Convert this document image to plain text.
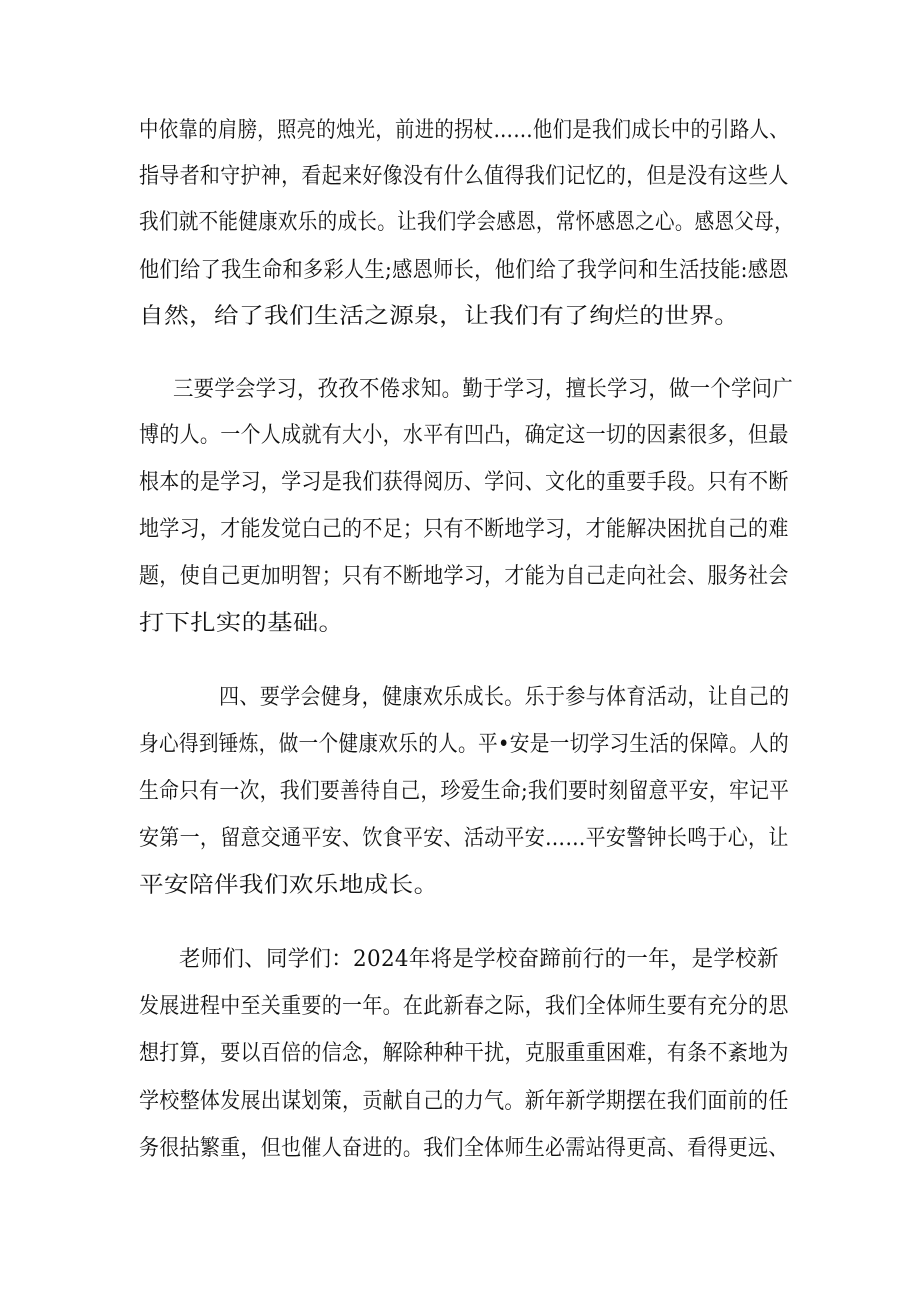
中依靠的肩膀，照亮的烛光，前进的拐杖……他们是我们成长中的引路人、
指导者和守护神，看起来好像没有什么值得我们记忆的，但是没有这些人
我们就不能健康欢乐的成长。让我们学会感恩，常怀感恩之心。感恩父母，
他们给了我生命和多彩人生;感恩师长，他们给了我学问和生活技能:感恩
自然，给了我们生活之源泉，让我们有了绚烂的世界。
三要学会学习，孜孜不倦求知。勤于学习，擅长学习，做一个学问广
博的人。一个人成就有大小，水平有凹凸，确定这一切的因素很多，但最
根本的是学习，学习是我们获得阅历、学问、文化的重要手段。只有不断
地学习，才能发觉白己的不足；只有不断地学习，才能解决困扰自己的难
题，使自己更加明智；只有不断地学习，才能为自己走向社会、服务社会
打下扎实的基础。
四、要学会健身，健康欢乐成长。乐于参与体育活动，让自己的
身心得到锤炼，做一个健康欢乐的人。平•安是一切学习生活的保障。人的
生命只有一次，我们要善待自己，珍爱生命;我们要时刻留意平安，牢记平
安第一，留意交通平安、饮食平安、活动平安……平安警钟长鸣于心，让
平安陪伴我们欢乐地成长。
老师们、同学们：2024年将是学校奋蹄前行的一年，是学校新
发展进程中至关重要的一年。在此新春之际，我们全体师生要有充分的思
想打算，要以百倍的信念，解除种种干扰，克服重重困难，有条不紊地为
学校整体发展出谋划策，贡献自己的力气。新年新学期摆在我们面前的任
务很拈繁重，但也催人奋进的。我们全体师生必需站得更高、看得更远、
